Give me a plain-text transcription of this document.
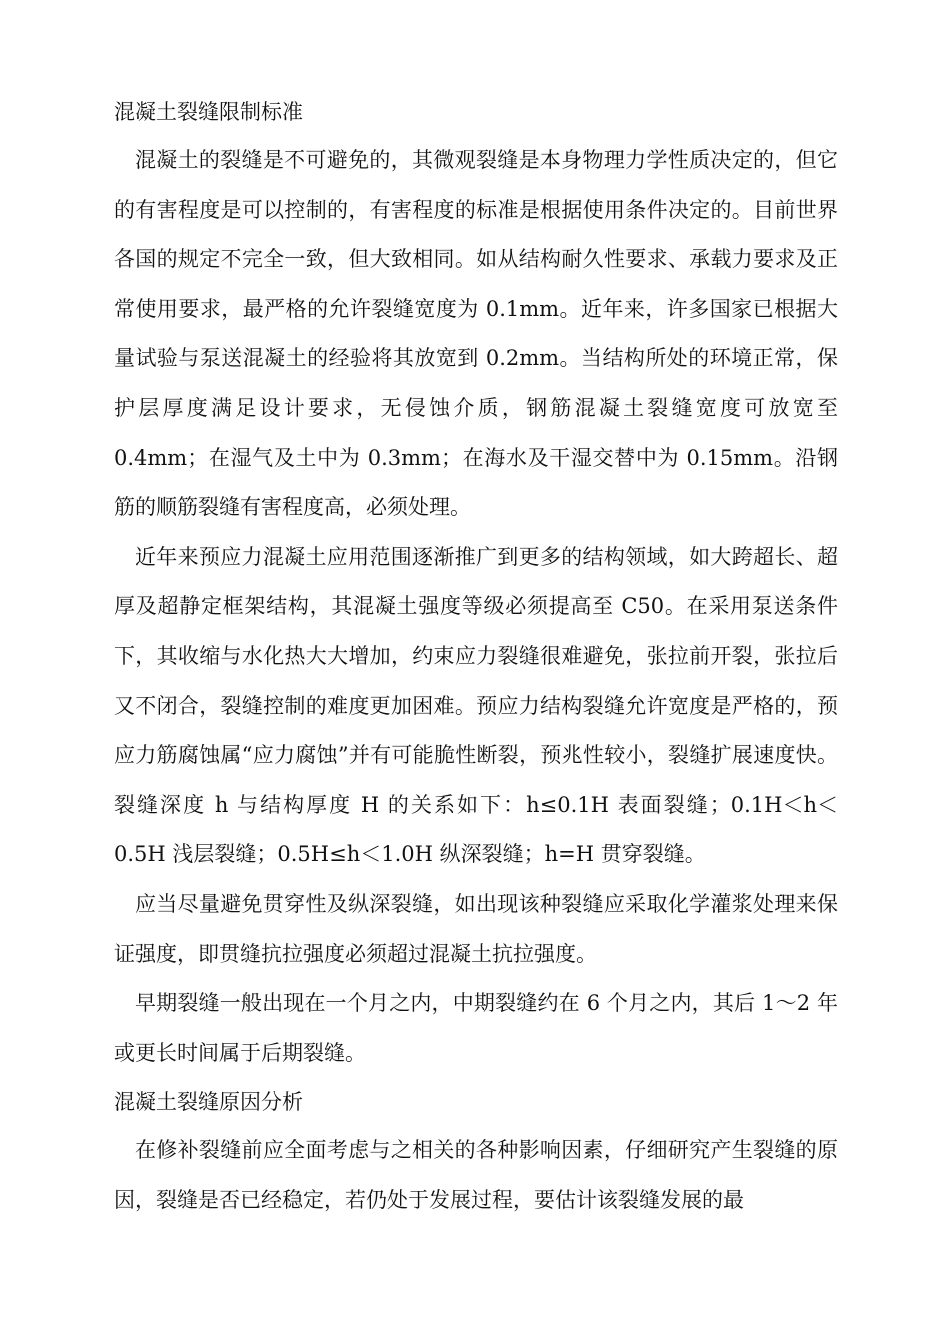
混凝土裂缝限制标准

混凝土的裂缝是不可避免的，其微观裂缝是本身物理力学性质决定的，但它的有害程度是可以控制的，有害程度的标准是根据使用条件决定的。目前世界各国的规定不完全一致，但大致相同。如从结构耐久性要求、承载力要求及正常使用要求，最严格的允许裂缝宽度为 0.1mm。近年来，许多国家已根据大量试验与泵送混凝土的经验将其放宽到 0.2mm。当结构所处的环境正常，保护层厚度满足设计要求，无侵蚀介质，钢筋混凝土裂缝宽度可放宽至 0.4mm；在湿气及土中为 0.3mm；在海水及干湿交替中为 0.15mm。沿钢筋的顺筋裂缝有害程度高，必须处理。

近年来预应力混凝土应用范围逐渐推广到更多的结构领域，如大跨超长、超厚及超静定框架结构，其混凝土强度等级必须提高至 C50。在采用泵送条件下，其收缩与水化热大大增加，约束应力裂缝很难避免，张拉前开裂，张拉后又不闭合，裂缝控制的难度更加困难。预应力结构裂缝允许宽度是严格的，预应力筋腐蚀属“应力腐蚀”并有可能脆性断裂，预兆性较小，裂缝扩展速度快。裂缝深度 h 与结构厚度 H 的关系如下：h≤0.1H 表面裂缝；0.1H＜h＜0.5H 浅层裂缝；0.5H≤h＜1.0H 纵深裂缝；h=H 贯穿裂缝。

应当尽量避免贯穿性及纵深裂缝，如出现该种裂缝应采取化学灌浆处理来保证强度，即贯缝抗拉强度必须超过混凝土抗拉强度。

早期裂缝一般出现在一个月之内，中期裂缝约在 6 个月之内，其后 1～2 年或更长时间属于后期裂缝。

混凝土裂缝原因分析

在修补裂缝前应全面考虑与之相关的各种影响因素，仔细研究产生裂缝的原因，裂缝是否已经稳定，若仍处于发展过程，要估计该裂缝发展的最
